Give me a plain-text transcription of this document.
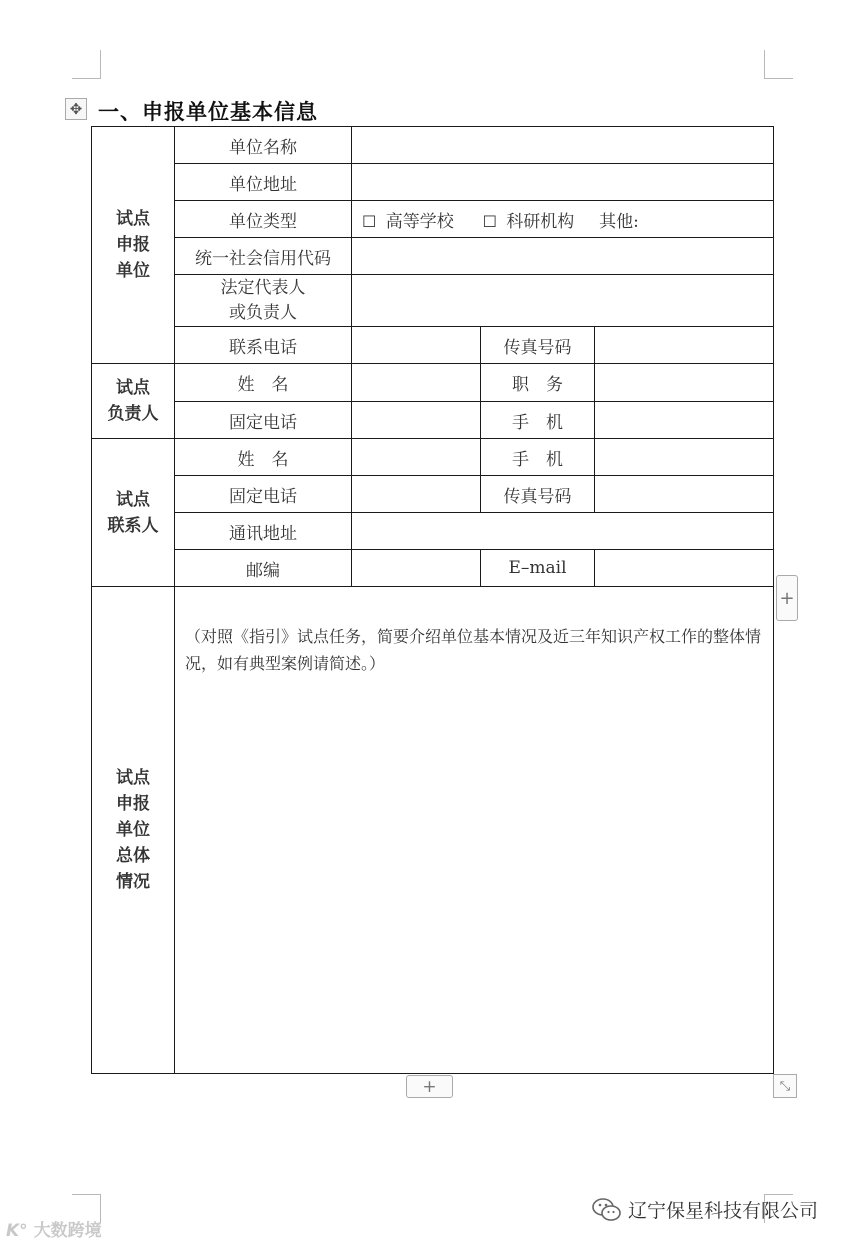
✥ 一、申报单位基本信息
试点
申报
单位	单位名称			
	单位地址			
	单位类型	☐ 高等学校 ☐ 科研机构 其他:		
	统一社会信用代码			

	法定代表人
或负责人			

	联系电话		传真号码	

试点
负责人	姓　名		职　务	
	固定电话		手　机	

试点
联系人	姓　名		手　机	
	固定电话		传真号码	
	通讯地址			
	邮编		E–mail	

试点
申报
单位
总体
情况	（对照《指引》试点任务，简要介绍单位基本情况及近三年知识产权工作的整体情况，如有典型案例请简述。）			
+
+	⤡
K° 大数跨境
辽宁保星科技有限公司
